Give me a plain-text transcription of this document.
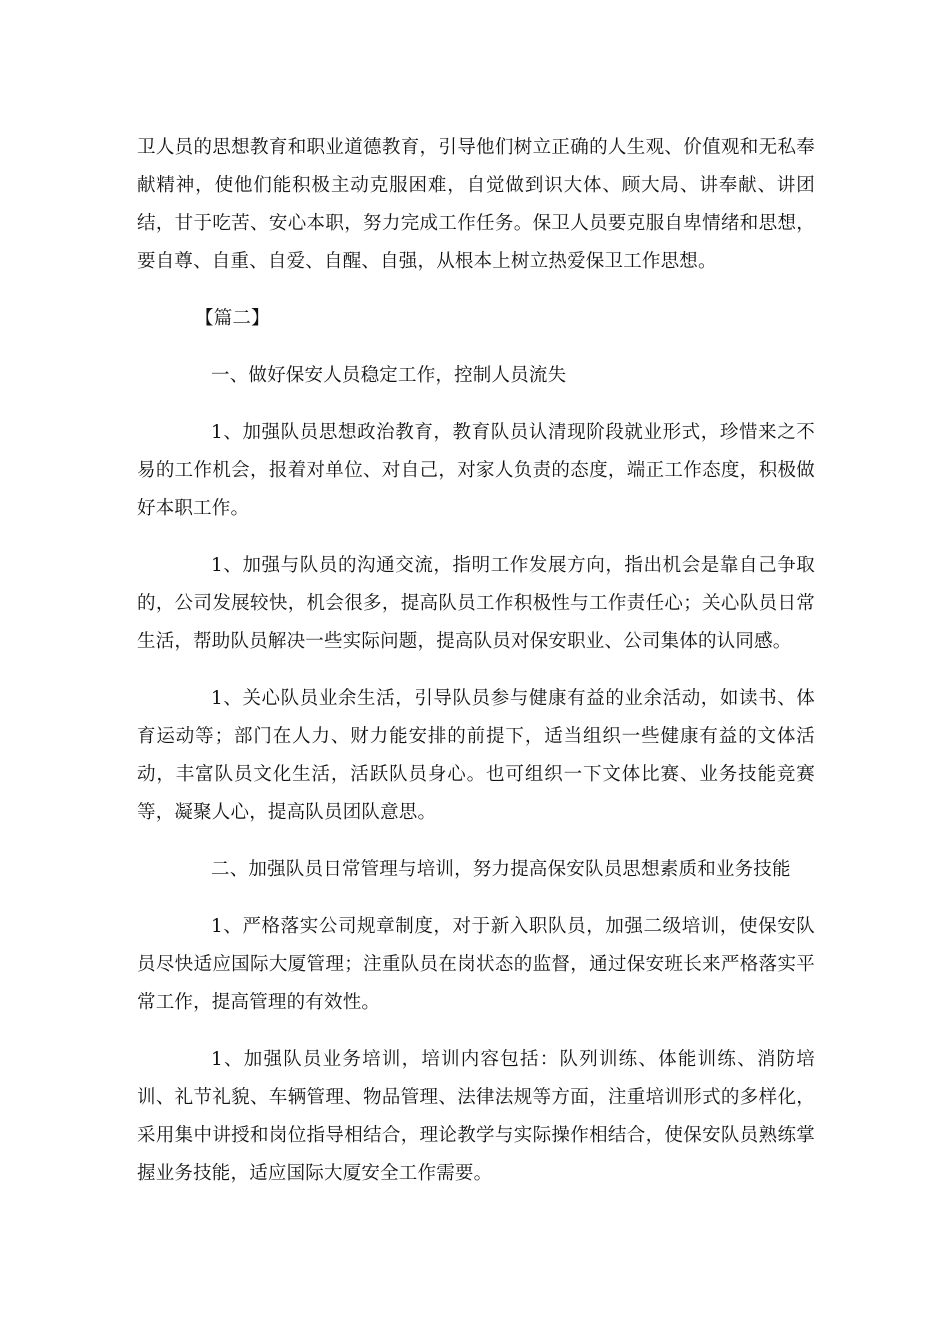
卫人员的思想教育和职业道德教育，引导他们树立正确的人生观、价值观和无私奉献精神，使他们能积极主动克服困难，自觉做到识大体、顾大局、讲奉献、讲团结，甘于吃苦、安心本职，努力完成工作任务。保卫人员要克服自卑情绪和思想，要自尊、自重、自爱、自醒、自强，从根本上树立热爱保卫工作思想。

【篇二】

一、做好保安人员稳定工作，控制人员流失

1、加强队员思想政治教育，教育队员认清现阶段就业形式，珍惜来之不易的工作机会，报着对单位、对自己，对家人负责的态度，端正工作态度，积极做好本职工作。

1、加强与队员的沟通交流，指明工作发展方向，指出机会是靠自己争取的，公司发展较快，机会很多，提高队员工作积极性与工作责任心；关心队员日常生活，帮助队员解决一些实际问题，提高队员对保安职业、公司集体的认同感。

1、关心队员业余生活，引导队员参与健康有益的业余活动，如读书、体育运动等；部门在人力、财力能安排的前提下，适当组织一些健康有益的文体活动，丰富队员文化生活，活跃队员身心。也可组织一下文体比赛、业务技能竞赛等，凝聚人心，提高队员团队意思。

二、加强队员日常管理与培训，努力提高保安队员思想素质和业务技能

1、严格落实公司规章制度，对于新入职队员，加强二级培训，使保安队员尽快适应国际大厦管理；注重队员在岗状态的监督，通过保安班长来严格落实平常工作，提高管理的有效性。

1、加强队员业务培训，培训内容包括：队列训练、体能训练、消防培训、礼节礼貌、车辆管理、物品管理、法律法规等方面，注重培训形式的多样化，采用集中讲授和岗位指导相结合，理论教学与实际操作相结合，使保安队员熟练掌握业务技能，适应国际大厦安全工作需要。
